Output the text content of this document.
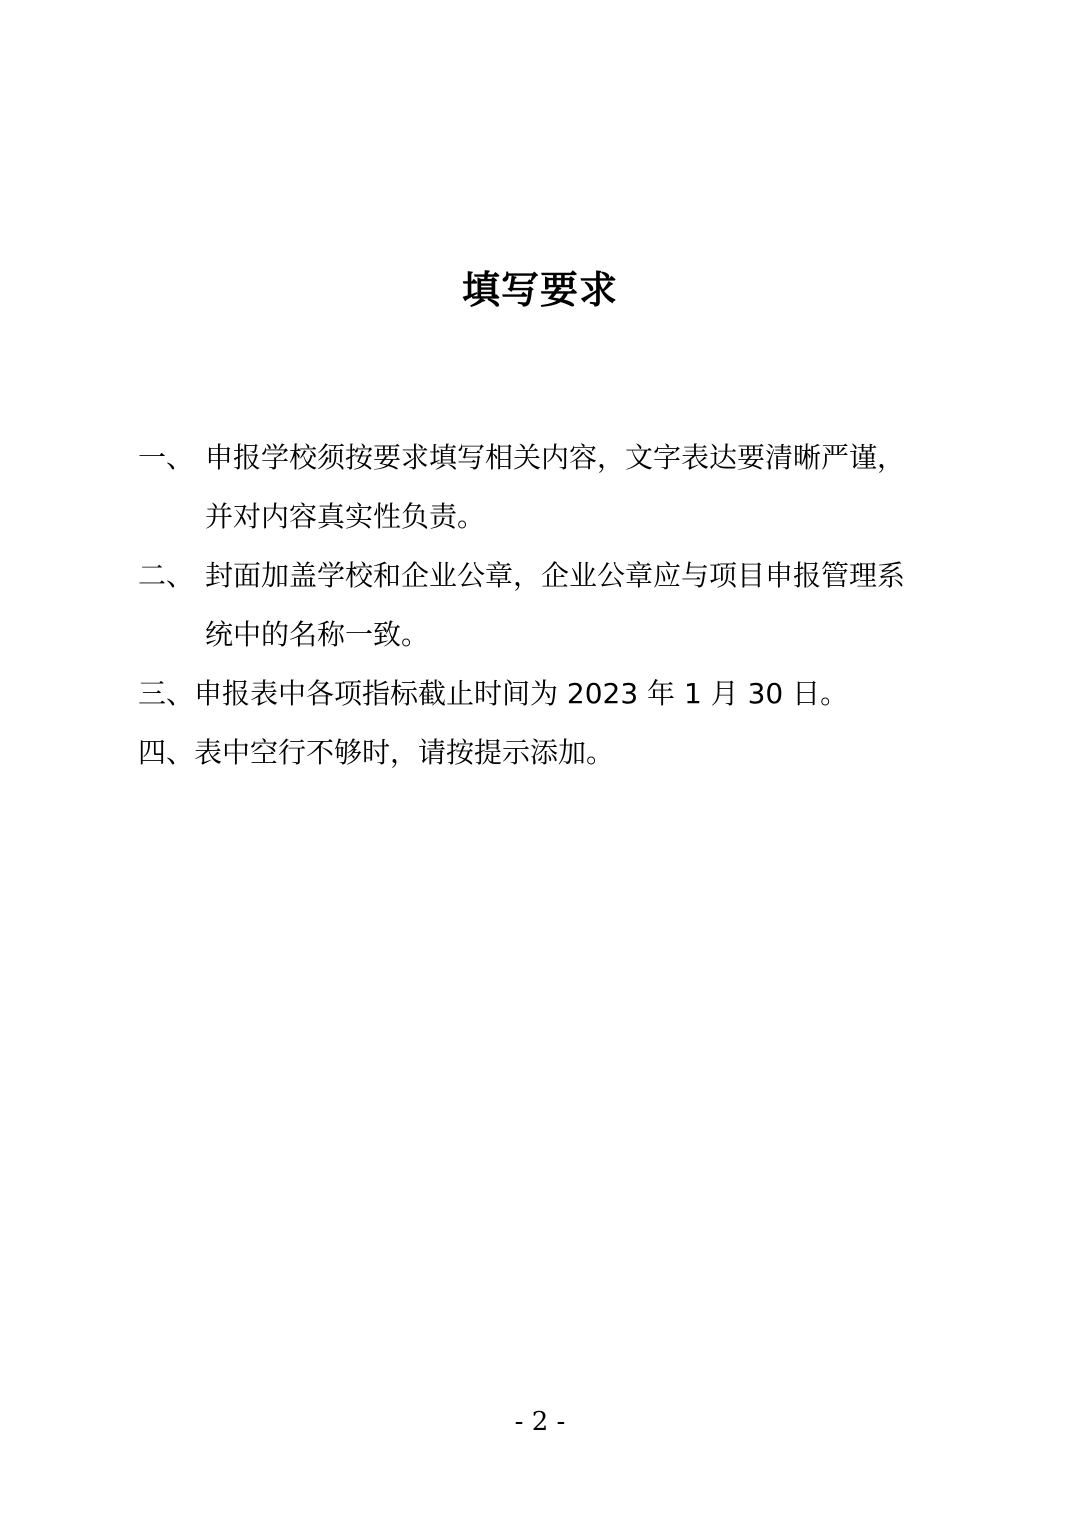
填写要求
一、 申报学校须按要求填写相关内容，文字表达要清晰严谨，
并对内容真实性负责。
二、 封面加盖学校和企业公章，企业公章应与项目申报管理系
统中的名称一致。
三、申报表中各项指标截止时间为 2023 年 1 月 30 日。
四、表中空行不够时，请按提示添加。
- 2 -
